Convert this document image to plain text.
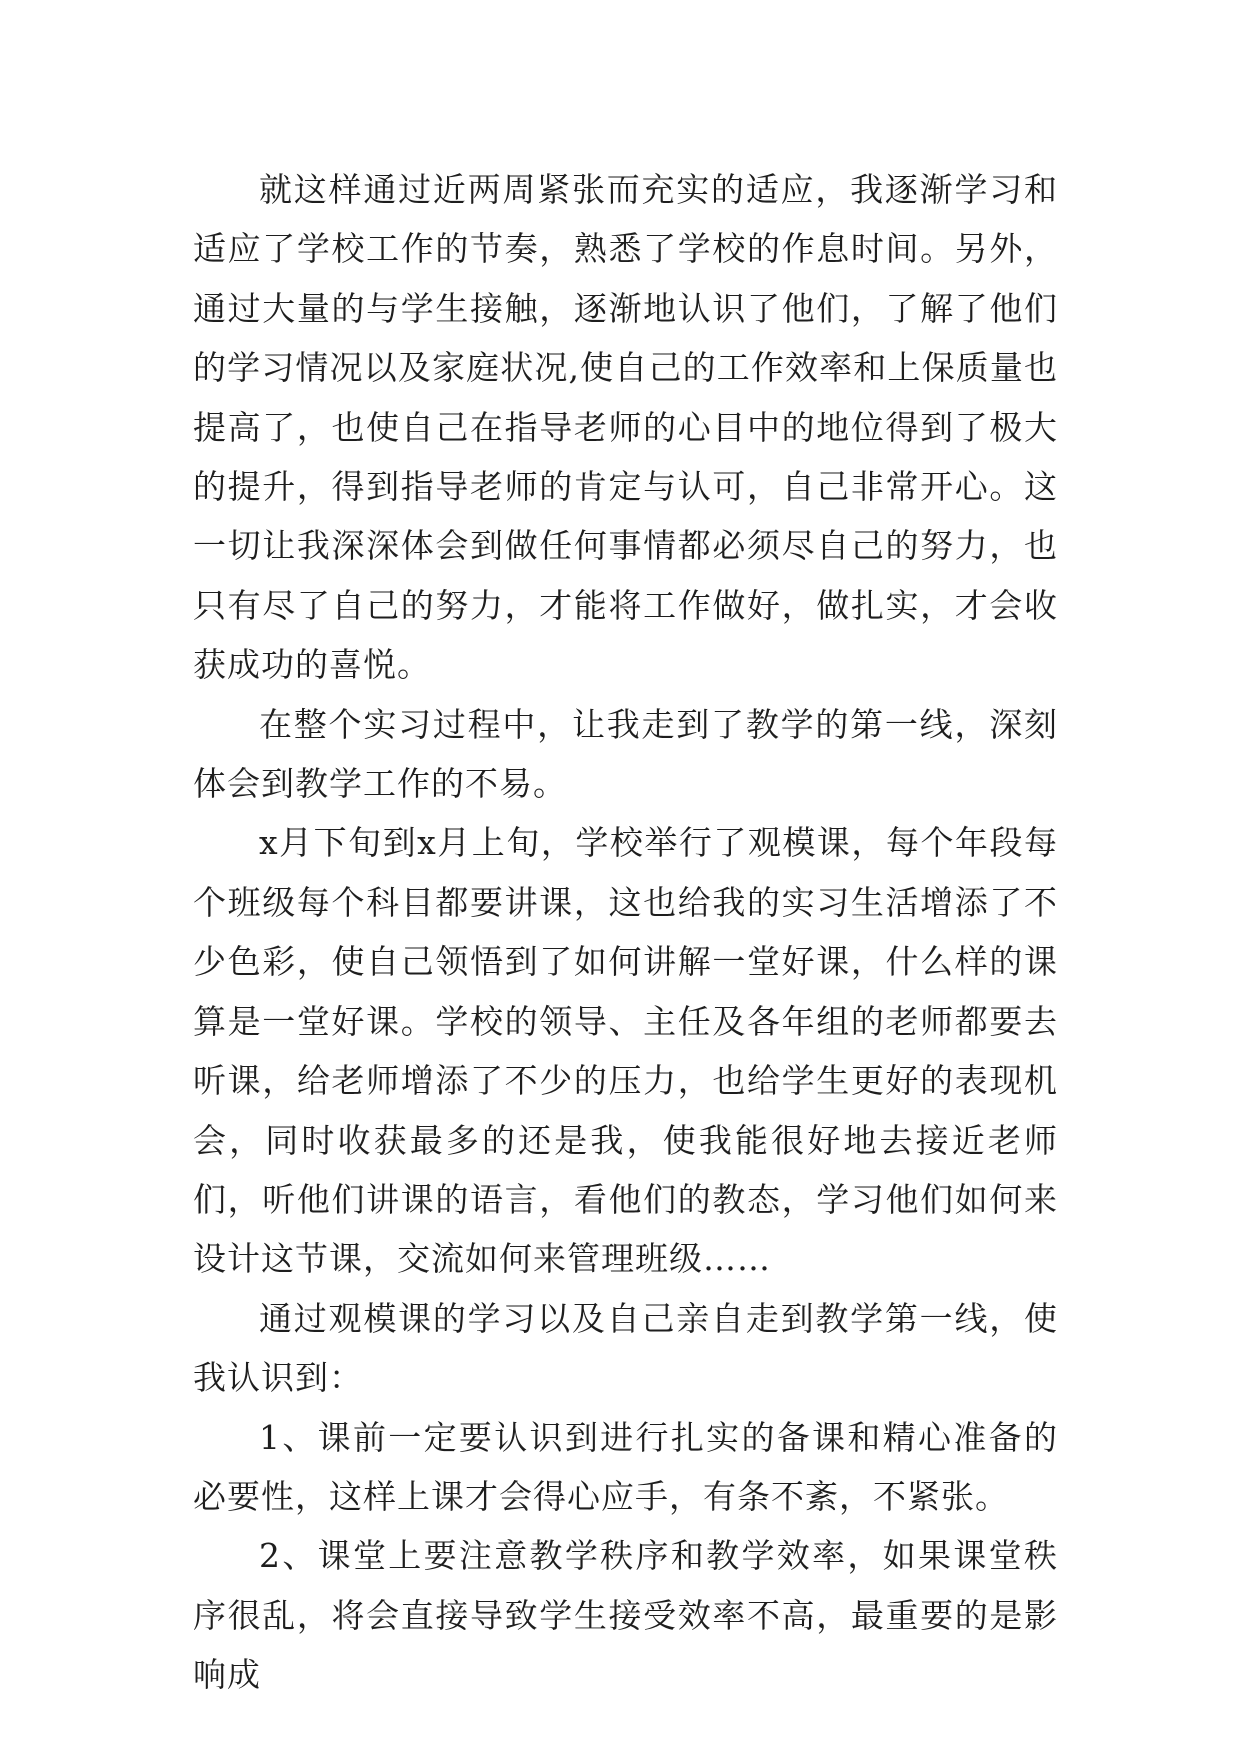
就这样通过近两周紧张而充实的适应，我逐渐学习和适应了学校工作的节奏，熟悉了学校的作息时间。另外，通过大量的与学生接触，逐渐地认识了他们，了解了他们的学习情况以及家庭状况,使自己的工作效率和上保质量也提高了，也使自己在指导老师的心目中的地位得到了极大的提升，得到指导老师的肯定与认可，自己非常开心。这一切让我深深体会到做任何事情都必须尽自己的努力，也只有尽了自己的努力，才能将工作做好，做扎实，才会收获成功的喜悦。

在整个实习过程中，让我走到了教学的第一线，深刻体会到教学工作的不易。

x月下旬到x月上旬，学校举行了观模课，每个年段每个班级每个科目都要讲课，这也给我的实习生活增添了不少色彩，使自己领悟到了如何讲解一堂好课，什么样的课算是一堂好课。学校的领导、主任及各年组的老师都要去听课，给老师增添了不少的压力，也给学生更好的表现机会，同时收获最多的还是我，使我能很好地去接近老师们，听他们讲课的语言，看他们的教态，学习他们如何来设计这节课，交流如何来管理班级……

通过观模课的学习以及自己亲自走到教学第一线，使我认识到：

1、课前一定要认识到进行扎实的备课和精心准备的必要性，这样上课才会得心应手，有条不紊，不紧张。

2、课堂上要注意教学秩序和教学效率，如果课堂秩序很乱，将会直接导致学生接受效率不高，最重要的是影响成
